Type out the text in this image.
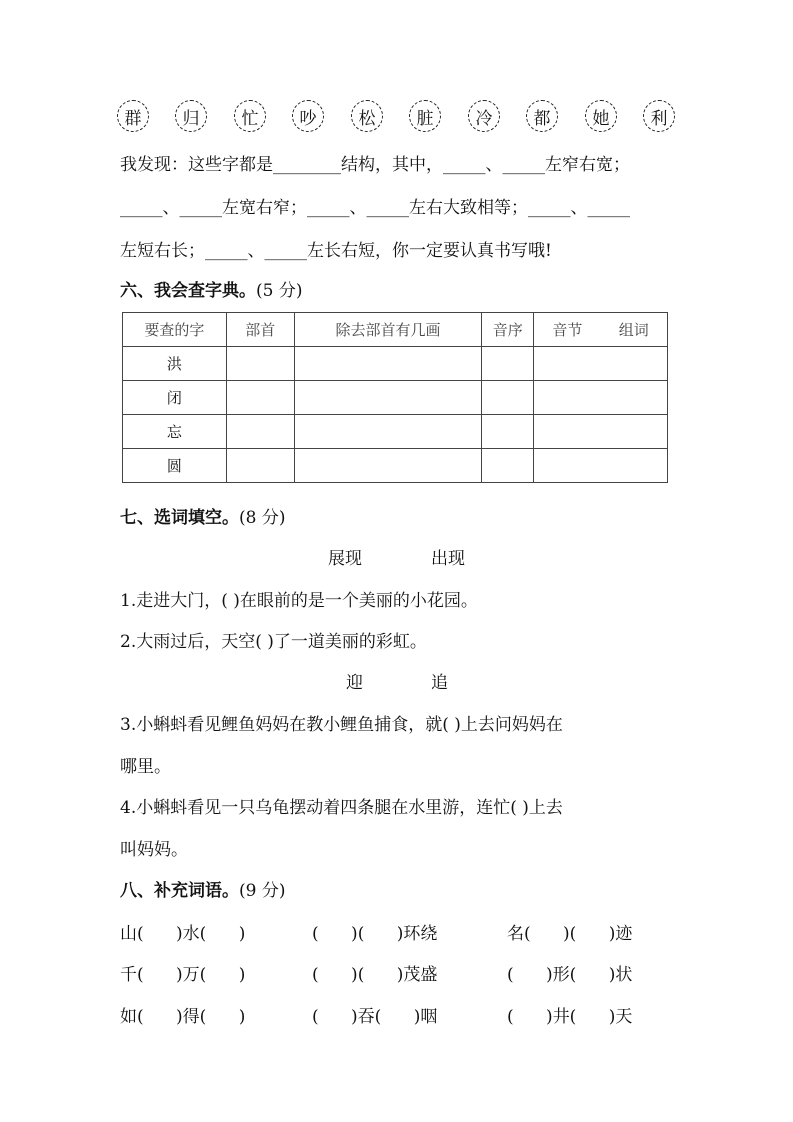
群	归	忙	吵	松	脏	冷	都	她	利
我发现：这些字都是________结构，其中，_____、_____左窄右宽；
_____、_____左宽右窄；_____、_____左右大致相等；_____、_____
左短右长；_____、_____左长右短，你一定要认真书写哦!
六、我会查字典。(5 分)
要查的字	部首	除去部首有几画	音序	音节 组词

洪				
闭				
忘				
圆				
七、选词填空。(8 分)
展现	出现
1.走进大门，( )在眼前的是一个美丽的小花园。
2.大雨过后，天空( )了一道美丽的彩虹。
迎	追
3.小蝌蚪看见鲤鱼妈妈在教小鲤鱼捕食，就( )上去问妈妈在
哪里。
4.小蝌蚪看见一只乌龟摆动着四条腿在水里游，连忙( )上去
叫妈妈。
八、补充词语。(9 分)
山(      )水(      )	(      )(      )环绕	名(      )(      )迹
千(      )万(      )	(      )(      )茂盛	(      )形(      )状
如(      )得(      )	(      )吞(      )咽	(      )井(      )天
